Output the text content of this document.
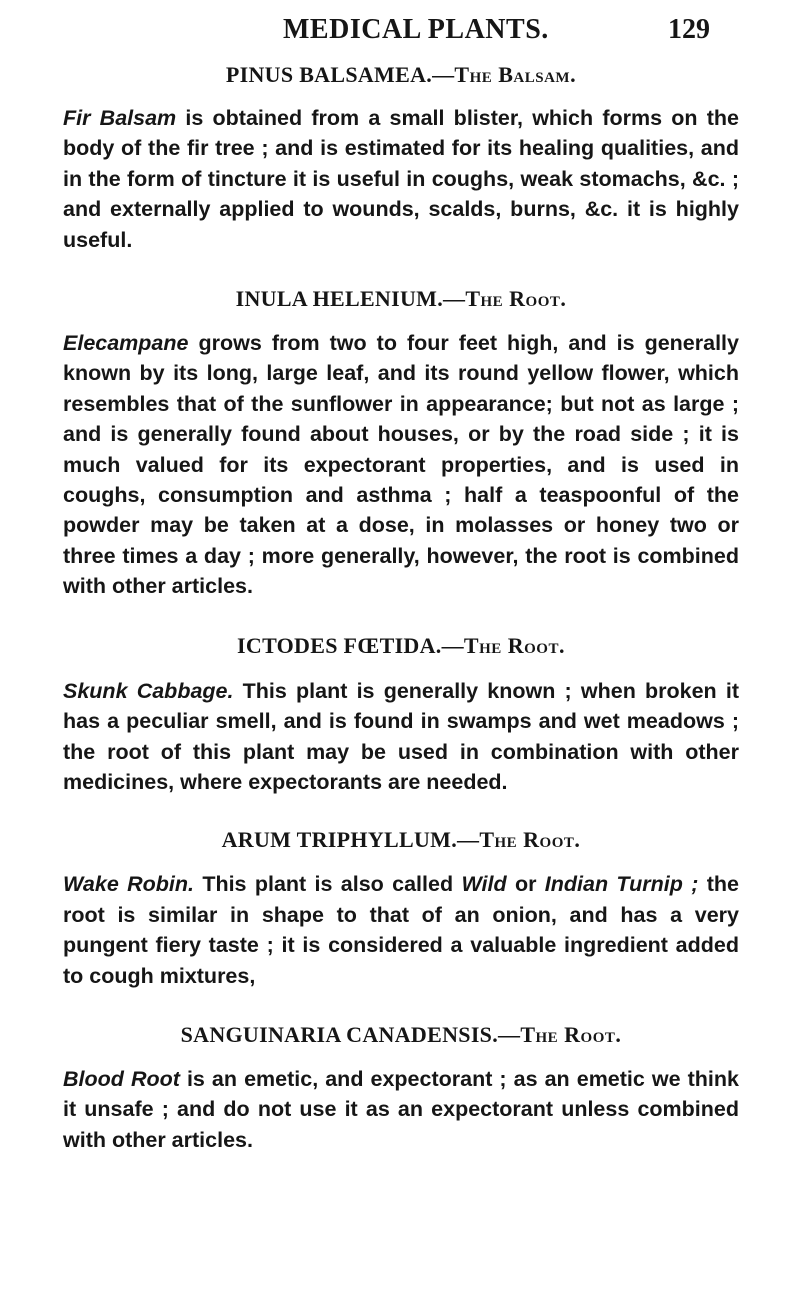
MEDICAL PLANTS.	129

PINUS BALSAMEA.—The Balsam.

Fir Balsam is obtained from a small blister, which forms on the body of the fir tree ; and is estimated for its healing qualities, and in the form of tincture it is useful in coughs, weak stomachs, &c. ; and externally applied to wounds, scalds, burns, &c. it is highly useful.

INULA HELENIUM.—The Root.

Elecampane grows from two to four feet high, and is generally known by its long, large leaf, and its round yellow flower, which resembles that of the sunflower in appearance; but not as large ; and is generally found about houses, or by the road side ; it is much valued for its expectorant properties, and is used in coughs, consumption and asthma ; half a teaspoonful of the powder may be taken at a dose, in molasses or honey two or three times a day ; more generally, however, the root is combined with other articles.

ICTODES FŒTIDA.—The Root.

Skunk Cabbage. This plant is generally known ; when broken it has a peculiar smell, and is found in swamps and wet meadows ; the root of this plant may be used in combination with other medicines, where expectorants are needed.

ARUM TRIPHYLLUM.—The Root.

Wake Robin. This plant is also called Wild or Indian Turnip ; the root is similar in shape to that of an onion, and has a very pungent fiery taste ; it is considered a valuable ingredient added to cough mixtures,

SANGUINARIA CANADENSIS.—The Root.

Blood Root is an emetic, and expectorant ; as an emetic we think it unsafe ; and do not use it as an expectorant unless combined with other articles.
